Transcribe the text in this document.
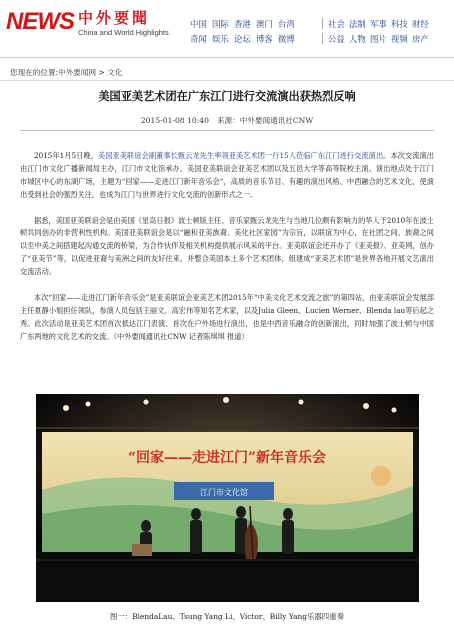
NEWS 中外要聞
China and World Highlights
中国 国际 香港 澳门 台湾	社会 法制 军事 科技 财经
奇闻 娱乐 论坛 博客 微博	公益 人物 图片 视频 房产
您现在的位置:中外要闻网 > 文化
美国亚美艺术团在广东江门进行交流演出获热烈反响
2015-01-08 10:40 来源：中外要闻通讯社CNW

2015年1月5日晚，美国亚美联谊会副董事长甄云龙先生率领亚美艺术团一行15人莅临广东江门进行交流演出。本次交流演出由江门市文化广播新闻局主办，江门市文化馆承办，美国亚美联谊会亚美艺术团以及五邑大学等高等院校主演。演出地点处于江门市城区中心的东湖广场，主题为“回家——走进江门新年音乐会”，高质的音乐节目、有趣的演出风格、中西融合的艺术文化，使演出受到社会的强烈关注，也成为江门与世界进行文化交流的创新形式之一。

据悉，美国亚美联谊会是由美国《星岛日报》波士顿版主任、音乐家甄云龙先生与当地几位颇有影响力的华人于2010年在波士顿共同创办的非营利性机构。美国亚美联谊会是以“融和亚美族裔、美化社区家园”为宗旨，以联谊为中心，在社团之间、族裔之间以至中美之间搭建起沟通交流的桥梁，为合作伙伴及相关机构提供展示风采的平台。亚美联谊会还开办了《亚美报》、亚美网，创办了“亚美节”等，以促进亚裔与美洲之间的友好往来，并整合美国本土多个艺术团体，组建成“亚美艺术团”是世界各地开展文艺演出交流活动。

本次“回家——走进江门新年音乐会”是亚美联谊会亚美艺术团2015年“中美文化艺术交流之旅”的第四站，由亚美联谊会发展部主任夏静小姐担任领队，参演人员包括王丽文、高宏伟等知名艺术家，以及Julia Gleen、Lucien Werner、Blenda lau等后起之秀。此次活动是亚美艺术团首次抵达江门表演、首次在户外场进行演出，也是中西音乐融合的创新演出，同时加强了波士顿与中国广东两地的文化艺术的交流。（中外要闻通讯社CNW 记者陈琪琪 报道）

“回家——走进江门”新年音乐会
江门市文化馆
图一：BlendaLau、Tsung Yang Li、Victor、Billy Yang乐器四重奏
